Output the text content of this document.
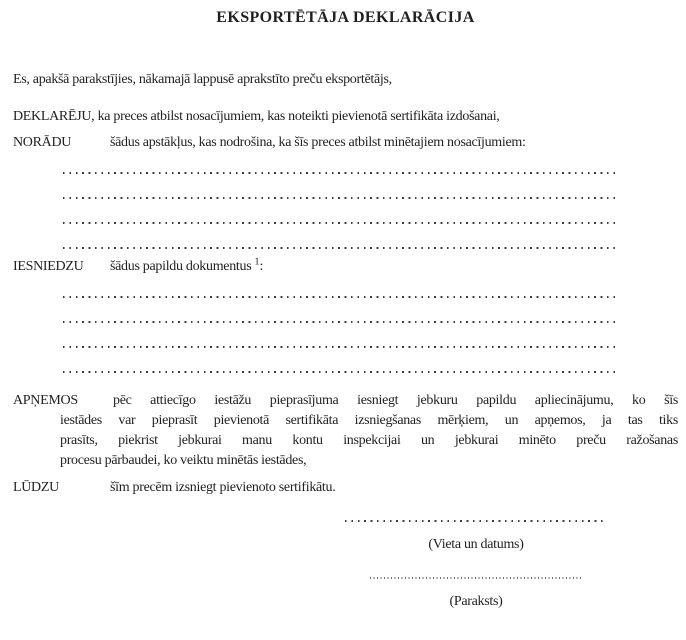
EKSPORTĒTĀJA DEKLARĀCIJA
Es, apakšā parakstījies, nākamajā lappusē aprakstīto preču eksportētājs,
DEKLARĒJU, ka preces atbilst nosacījumiem, kas noteikti pievienotā sertifikāta izdošanai,
NORĀDU	šādus apstākļus, kas nodrošina, ka šīs preces atbilst minētajiem nosacījumiem:
IESNIEDZU	šādus papildu dokumentus $^1$:
APŅEMOS	pēc attiecīgo iestāžu pieprasījuma iesniegt jebkuru papildu apliecinājumu, ko šīs
iestādes var pieprasīt pievienotā sertifikāta izsniegšanas mērķiem, un apņemos, ja tas tiks
prasīts, piekrist jebkurai manu kontu inspekcijai un jebkurai minēto preču ražošanas
procesu pārbaudei, ko veiktu minētās iestādes,
LŪDZU	šīm precēm izsniegt pievienoto sertifikātu.
(Vieta un datums)
(Paraksts)
